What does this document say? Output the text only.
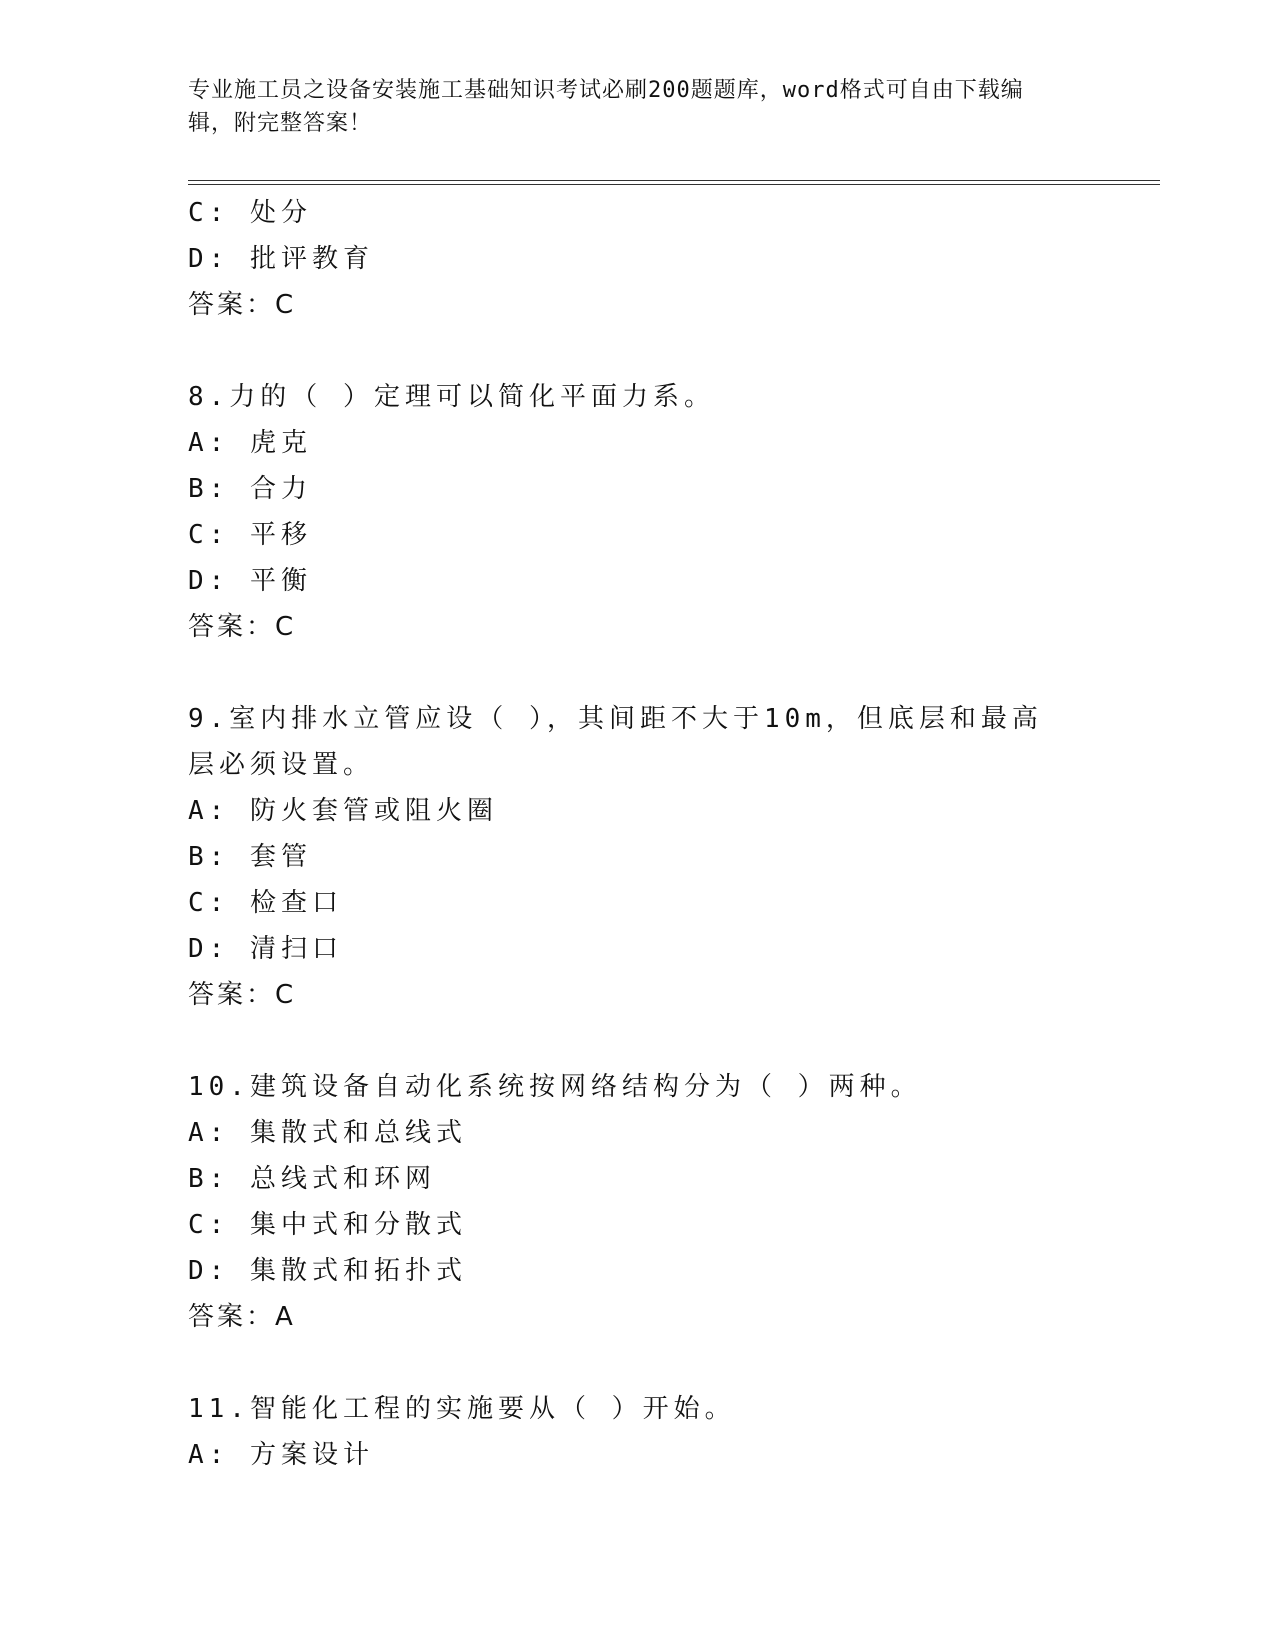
专业施工员之设备安装施工基础知识考试必刷200题题库，word格式可自由下载编辑，附完整答案！
C: 处分
D: 批评教育
答案：C
8.力的（ ）定理可以简化平面力系。
A: 虎克
B: 合力
C: 平移
D: 平衡
答案：C
9.室内排水立管应设（ ），其间距不大于10m，但底层和最高层必须设置。
A: 防火套管或阻火圈
B: 套管
C: 检查口
D: 清扫口
答案：C
10.建筑设备自动化系统按网络结构分为（ ）两种。
A: 集散式和总线式
B: 总线式和环网
C: 集中式和分散式
D: 集散式和拓扑式
答案：A
11.智能化工程的实施要从（ ）开始。
A: 方案设计
